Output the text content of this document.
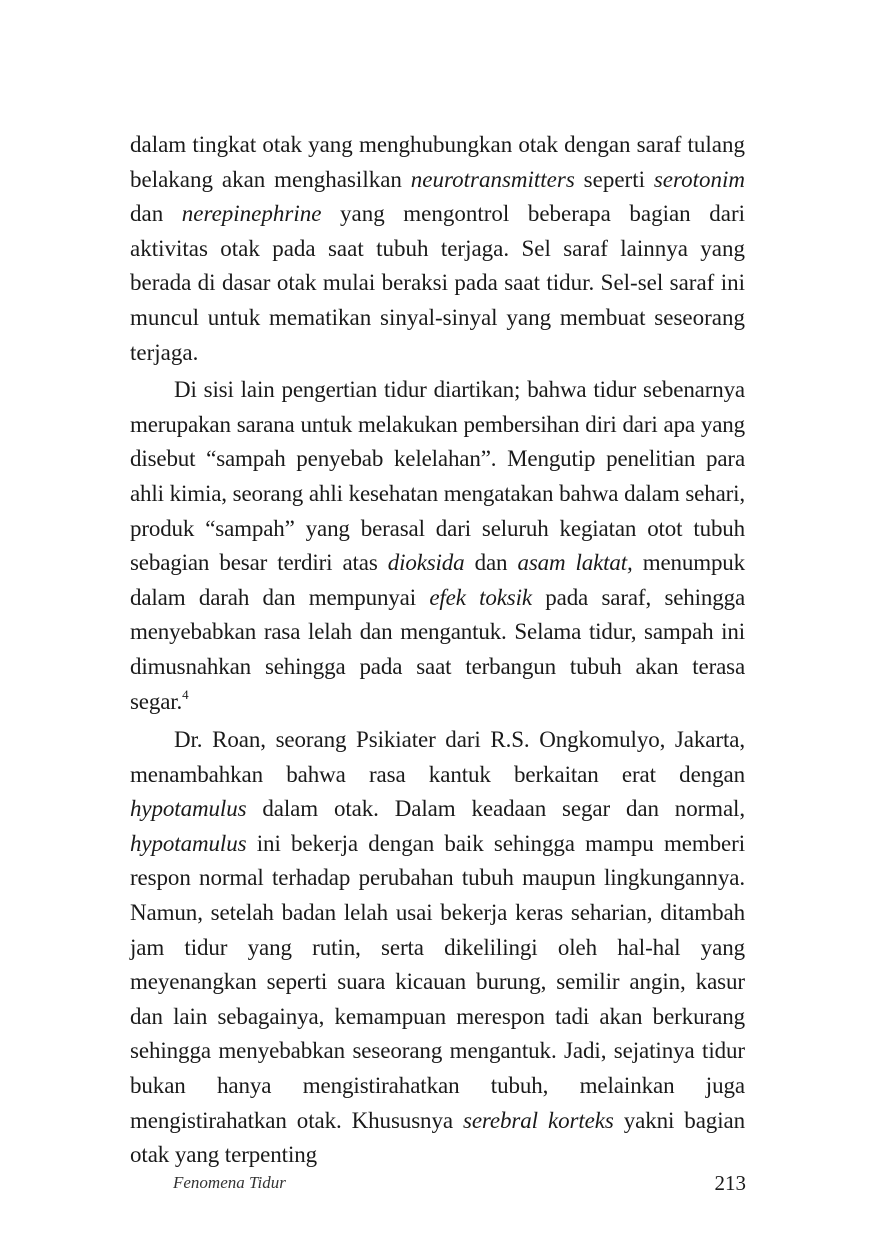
dalam tingkat otak yang menghubungkan otak dengan saraf tulang belakang akan menghasilkan neurotransmitters seperti serotonim dan nerepinephrine yang mengontrol beberapa bagian dari aktivitas otak pada saat tubuh terjaga. Sel saraf lainnya yang berada di dasar otak mulai beraksi pada saat tidur. Sel-sel saraf ini muncul untuk mematikan sinyal-sinyal yang membuat seseorang terjaga.

Di sisi lain pengertian tidur diartikan; bahwa tidur sebenarnya merupakan sarana untuk melakukan pembersihan diri dari apa yang disebut “sampah penyebab kelelahan”. Mengutip penelitian para ahli kimia, seorang ahli kesehatan mengatakan bahwa dalam sehari, produk “sampah” yang berasal dari seluruh kegiatan otot tubuh sebagian besar terdiri atas dioksida dan asam laktat, menumpuk dalam darah dan mempunyai efek toksik pada saraf, sehingga menyebabkan rasa lelah dan mengantuk. Selama tidur, sampah ini dimusnahkan sehingga pada saat terbangun tubuh akan terasa segar.$^4$

Dr. Roan, seorang Psikiater dari R.S. Ongkomulyo, Jakarta, menambahkan bahwa rasa kantuk berkaitan erat dengan hypotamulus dalam otak. Dalam keadaan segar dan normal, hypotamulus ini bekerja dengan baik sehingga mampu memberi respon normal terhadap perubahan tubuh maupun lingkungannya. Namun, setelah badan lelah usai bekerja keras seharian, ditambah jam tidur yang rutin, serta dikelilingi oleh hal-hal yang meyenangkan seperti suara kicauan burung, semilir angin, kasur dan lain sebagainya, kemampuan merespon tadi akan berkurang sehingga menyebabkan seseorang mengantuk. Jadi, sejatinya tidur bukan hanya mengistirahatkan tubuh, melainkan juga mengistirahatkan otak. Khususnya serebral korteks yakni bagian otak yang terpenting

Fenomena Tidur	213
